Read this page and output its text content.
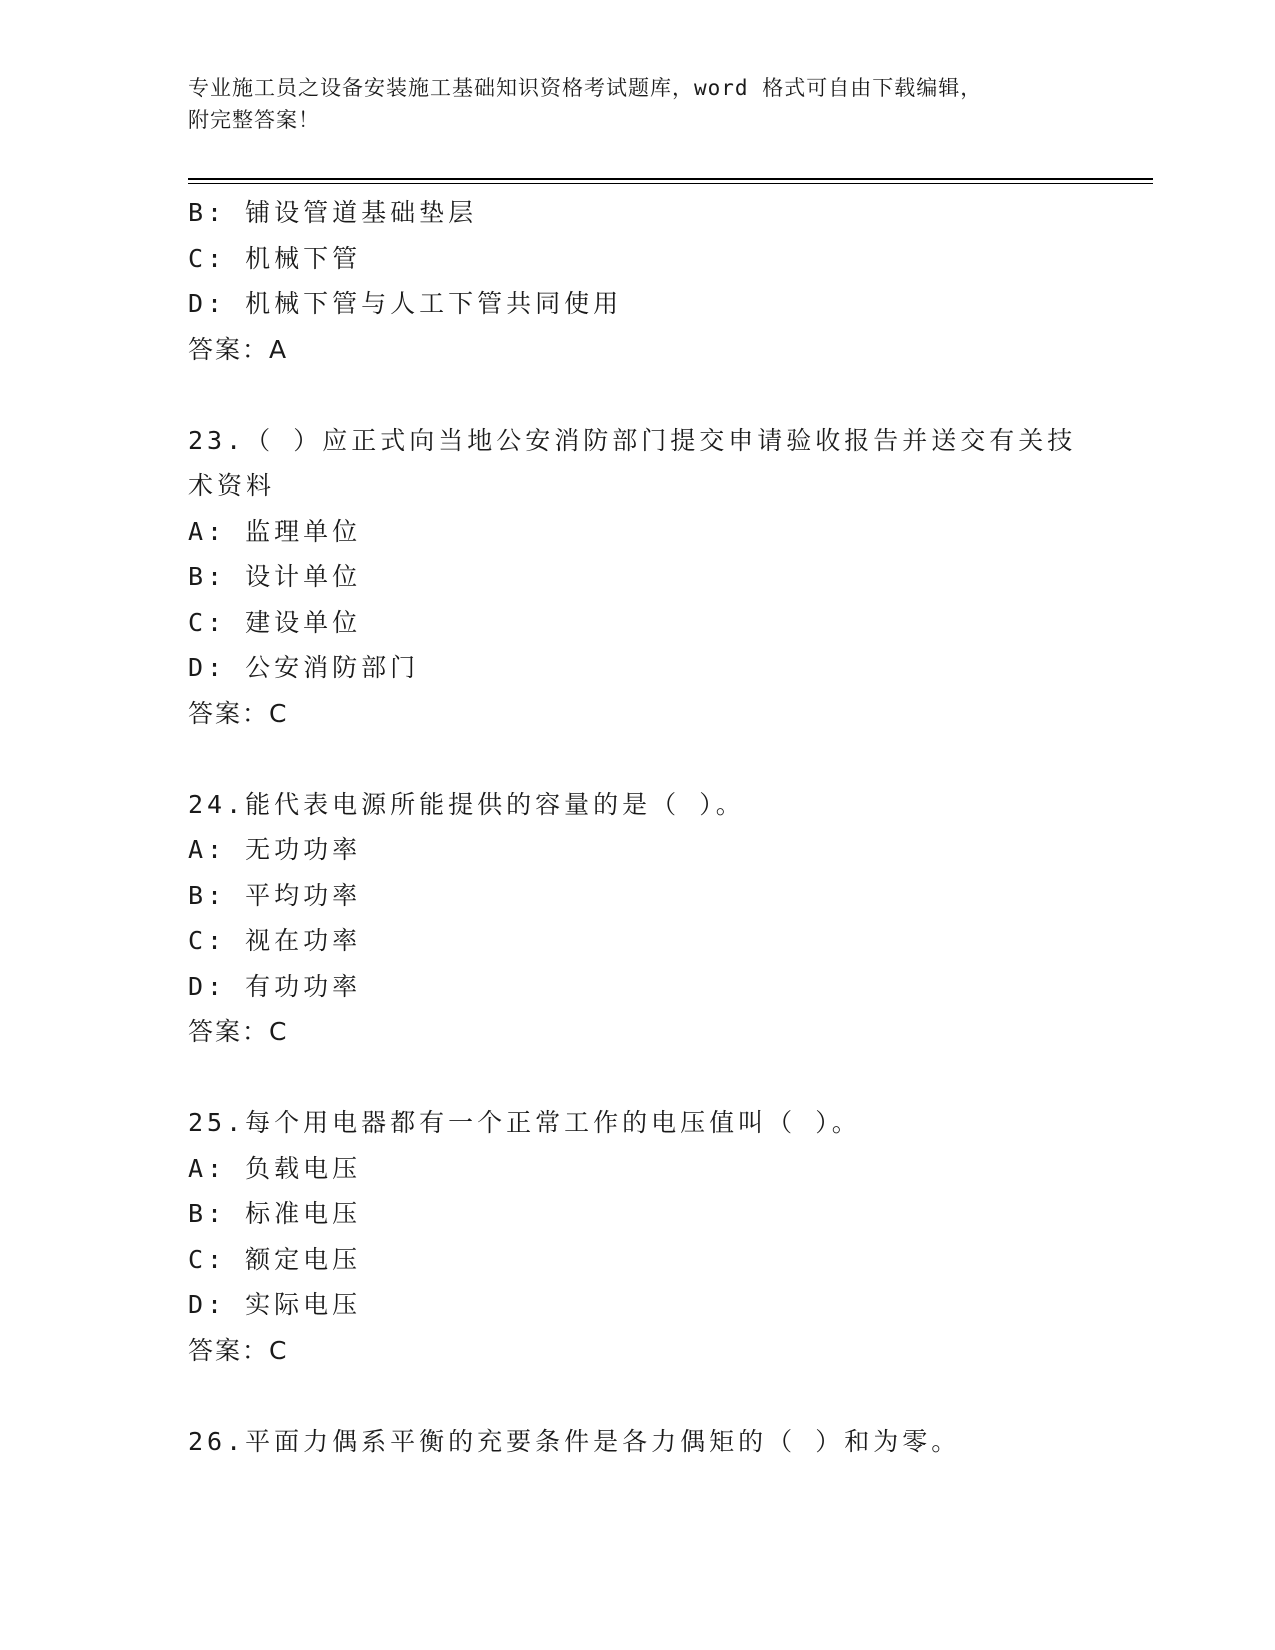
专业施工员之设备安装施工基础知识资格考试题库，word 格式可自由下载编辑，
附完整答案！
B: 铺设管道基础垫层
C: 机械下管
D: 机械下管与人工下管共同使用
答案：A
23.（ ）应正式向当地公安消防部门提交申请验收报告并送交有关技
术资料
A: 监理单位
B: 设计单位
C: 建设单位
D: 公安消防部门
答案：C
24.能代表电源所能提供的容量的是（ ）。
A: 无功功率
B: 平均功率
C: 视在功率
D: 有功功率
答案：C
25.每个用电器都有一个正常工作的电压值叫（ ）。
A: 负载电压
B: 标准电压
C: 额定电压
D: 实际电压
答案：C
26.平面力偶系平衡的充要条件是各力偶矩的（ ）和为零。
